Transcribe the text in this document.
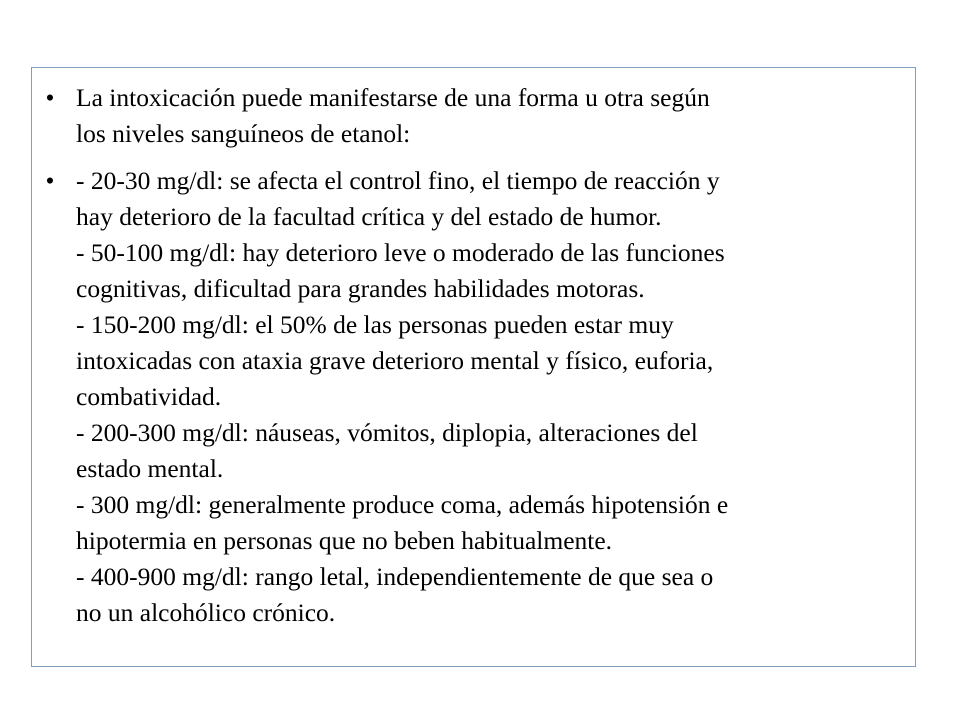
• La intoxicación puede manifestarse de una forma u otra según
los niveles sanguíneos de etanol:
• - 20-30 mg/dl: se afecta el control fino, el tiempo de reacción y
hay deterioro de la facultad crítica y del estado de humor.
- 50-100 mg/dl: hay deterioro leve o moderado de las funciones
cognitivas, dificultad para grandes habilidades motoras.
- 150-200 mg/dl: el 50% de las personas pueden estar muy
intoxicadas con ataxia grave deterioro mental y físico, euforia,
combatividad.
- 200-300 mg/dl: náuseas, vómitos, diplopia, alteraciones del
estado mental.
- 300 mg/dl: generalmente produce coma, además hipotensión e
hipotermia en personas que no beben habitualmente.
- 400-900 mg/dl: rango letal, independientemente de que sea o
no un alcohólico crónico.
